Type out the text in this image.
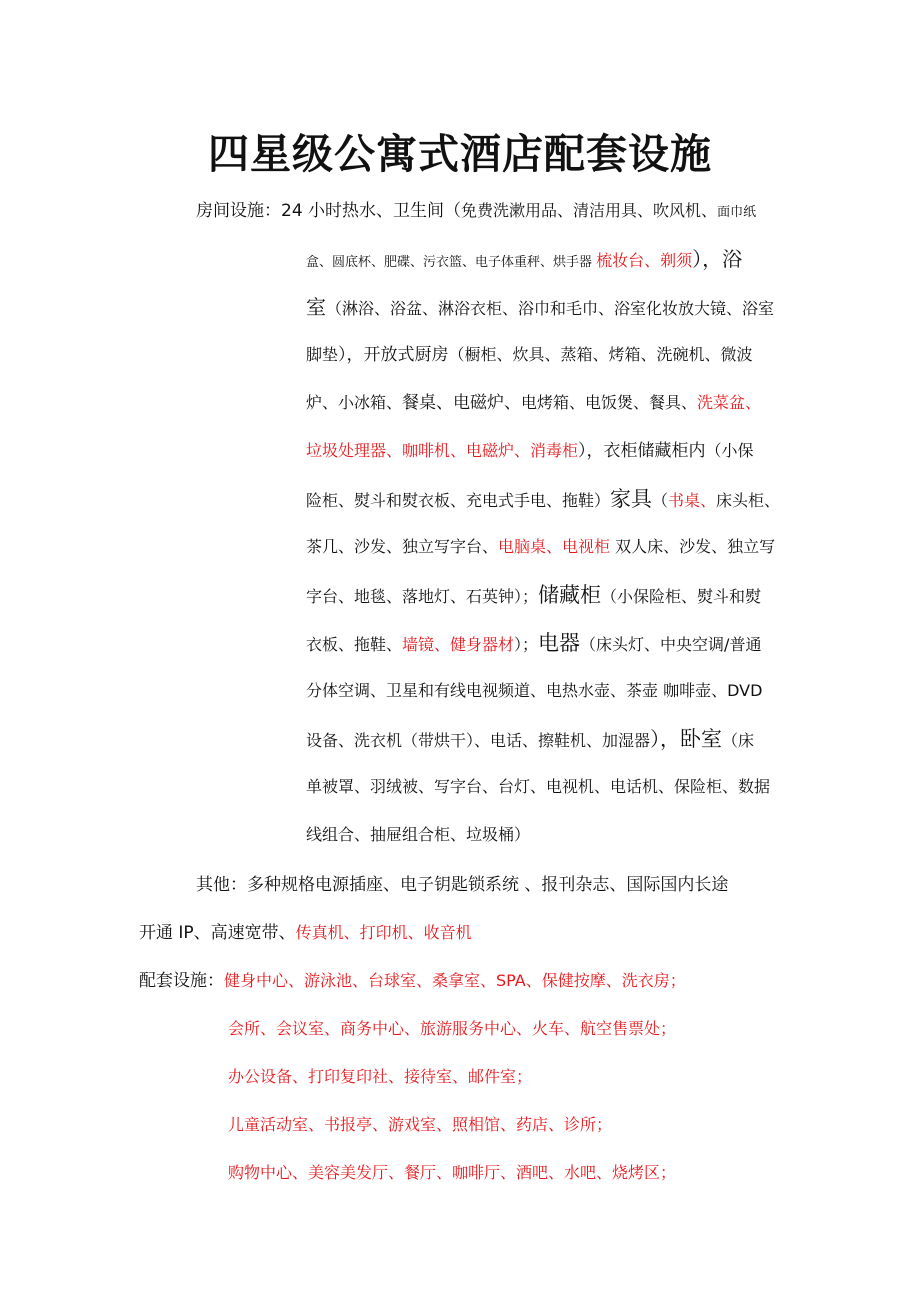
四星级公寓式酒店配套设施
房间设施：24 小时热水、卫生间（免费洗漱用品、清洁用具、吹风机、面巾纸
盒、圆底杯、肥碟、污衣篮、电子体重秤、烘手器 梳妆台、剃须），浴
室（淋浴、浴盆、淋浴衣柜、浴巾和毛巾、浴室化妆放大镜、浴室
脚垫），开放式厨房（橱柜、炊具、蒸箱、烤箱、洗碗机、微波
炉、小冰箱、餐桌、电磁炉、电烤箱、电饭煲、餐具、洗菜盆、
垃圾处理器、咖啡机、电磁炉、消毒柜），衣柜储藏柜内（小保
险柜、熨斗和熨衣板、充电式手电、拖鞋）家具（书桌、床头柜、
茶几、沙发、独立写字台、电脑桌、电视柜 双人床、沙发、独立写
字台、地毯、落地灯、石英钟）；储藏柜（小保险柜、熨斗和熨
衣板、拖鞋、墙镜、健身器材）；电器（床头灯、中央空调/普通
分体空调、卫星和有线电视频道、电热水壶、茶壶 咖啡壶、DVD
设备、洗衣机（带烘干）、电话、擦鞋机、加湿器），卧室（床
单被罩、羽绒被、写字台、台灯、电视机、电话机、保险柜、数据
线组合、抽屉组合柜、垃圾桶）
其他：多种规格电源插座、电子钥匙锁系统 、报刊杂志、国际国内长途
开通 IP、高速宽带、传真机、打印机、收音机
配套设施：健身中心、游泳池、台球室、桑拿室、SPA、保健按摩、洗衣房；
会所、会议室、商务中心、旅游服务中心、火车、航空售票处；
办公设备、打印复印社、接待室、邮件室；
儿童活动室、书报亭、游戏室、照相馆、药店、诊所；
购物中心、美容美发厅、餐厅、咖啡厅、酒吧、水吧、烧烤区；
